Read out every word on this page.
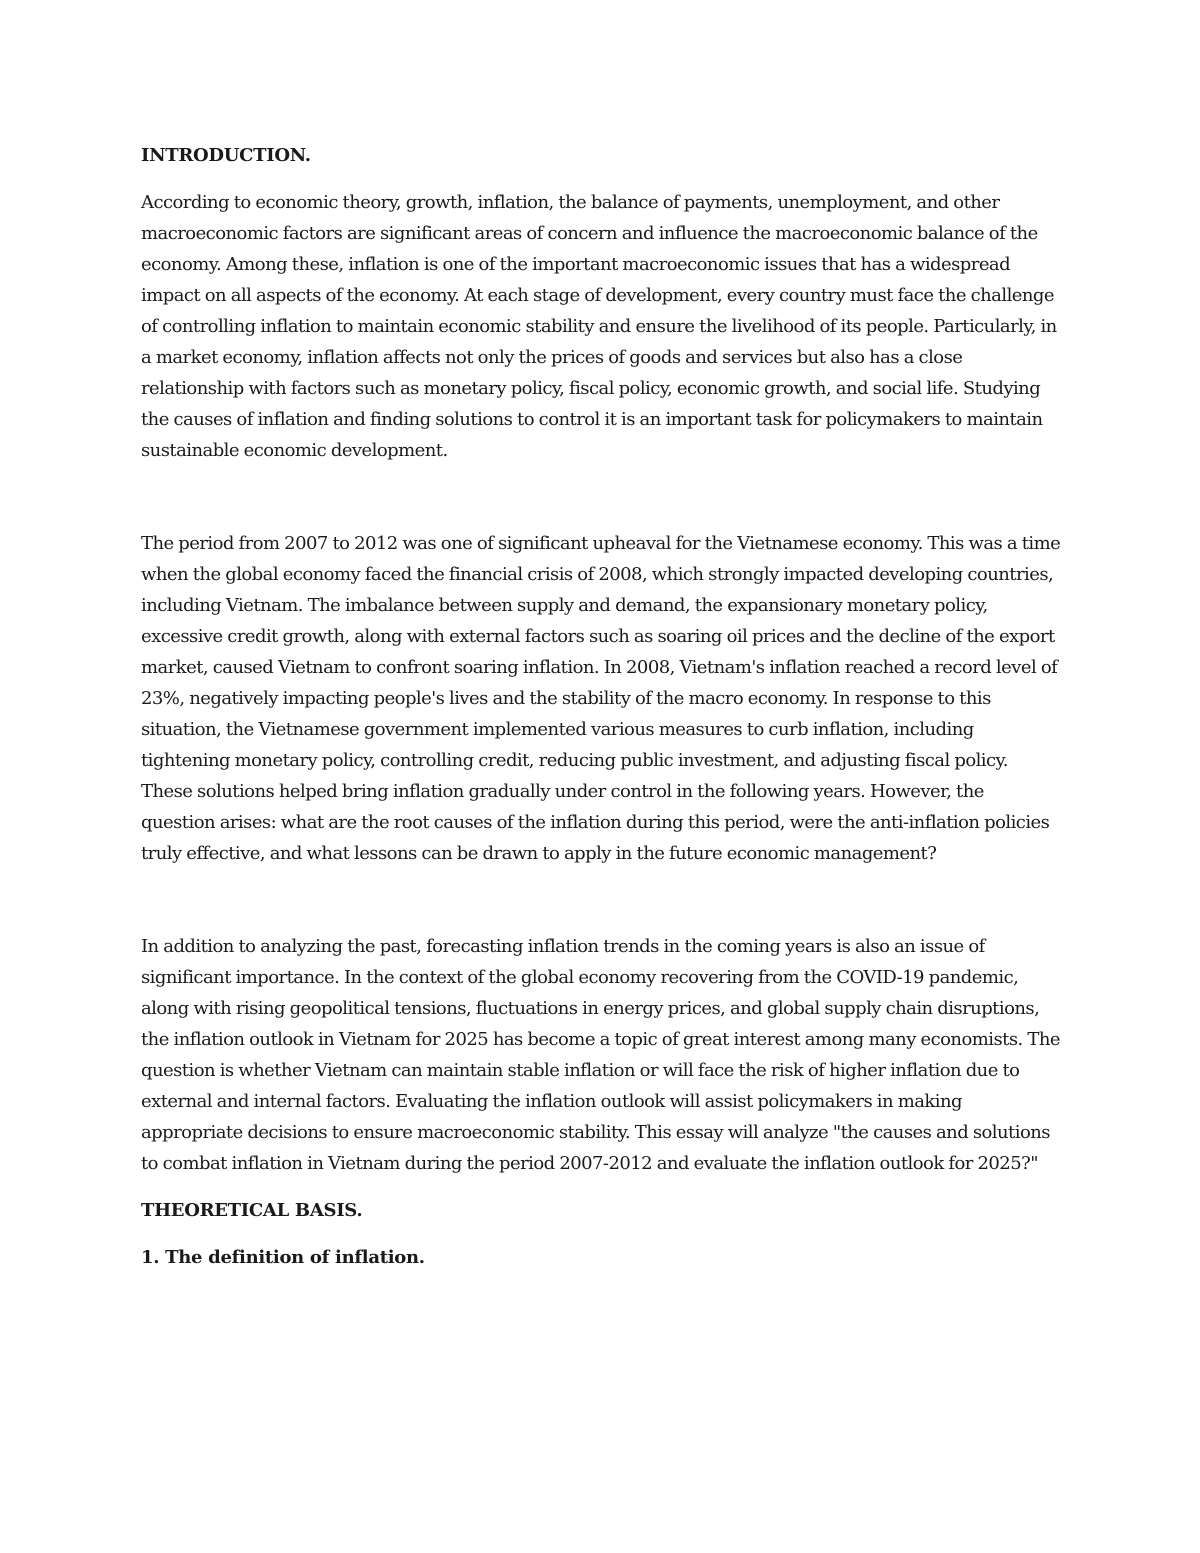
INTRODUCTION.

According to economic theory, growth, inflation, the balance of payments, unemployment, and other macroeconomic factors are significant areas of concern and influence the macroeconomic balance of the economy. Among these, inflation is one of the important macroeconomic issues that has a widespread impact on all aspects of the economy. At each stage of development, every country must face the challenge of controlling inflation to maintain economic stability and ensure the livelihood of its people. Particularly, in a market economy, inflation affects not only the prices of goods and services but also has a close relationship with factors such as monetary policy, fiscal policy, economic growth, and social life. Studying the causes of inflation and finding solutions to control it is an important task for policymakers to maintain sustainable economic development.

The period from 2007 to 2012 was one of significant upheaval for the Vietnamese economy. This was a time when the global economy faced the financial crisis of 2008, which strongly impacted developing countries, including Vietnam. The imbalance between supply and demand, the expansionary monetary policy, excessive credit growth, along with external factors such as soaring oil prices and the decline of the export market, caused Vietnam to confront soaring inflation. In 2008, Vietnam's inflation reached a record level of 23%, negatively impacting people's lives and the stability of the macro economy. In response to this situation, the Vietnamese government implemented various measures to curb inflation, including tightening monetary policy, controlling credit, reducing public investment, and adjusting fiscal policy. These solutions helped bring inflation gradually under control in the following years. However, the question arises: what are the root causes of the inflation during this period, were the anti-inflation policies truly effective, and what lessons can be drawn to apply in the future economic management?

In addition to analyzing the past, forecasting inflation trends in the coming years is also an issue of significant importance. In the context of the global economy recovering from the COVID-19 pandemic, along with rising geopolitical tensions, fluctuations in energy prices, and global supply chain disruptions, the inflation outlook in Vietnam for 2025 has become a topic of great interest among many economists. The question is whether Vietnam can maintain stable inflation or will face the risk of higher inflation due to external and internal factors. Evaluating the inflation outlook will assist policymakers in making appropriate decisions to ensure macroeconomic stability. This essay will analyze "the causes and solutions to combat inflation in Vietnam during the period 2007-2012 and evaluate the inflation outlook for 2025?"

THEORETICAL BASIS.

1. The definition of inflation.
